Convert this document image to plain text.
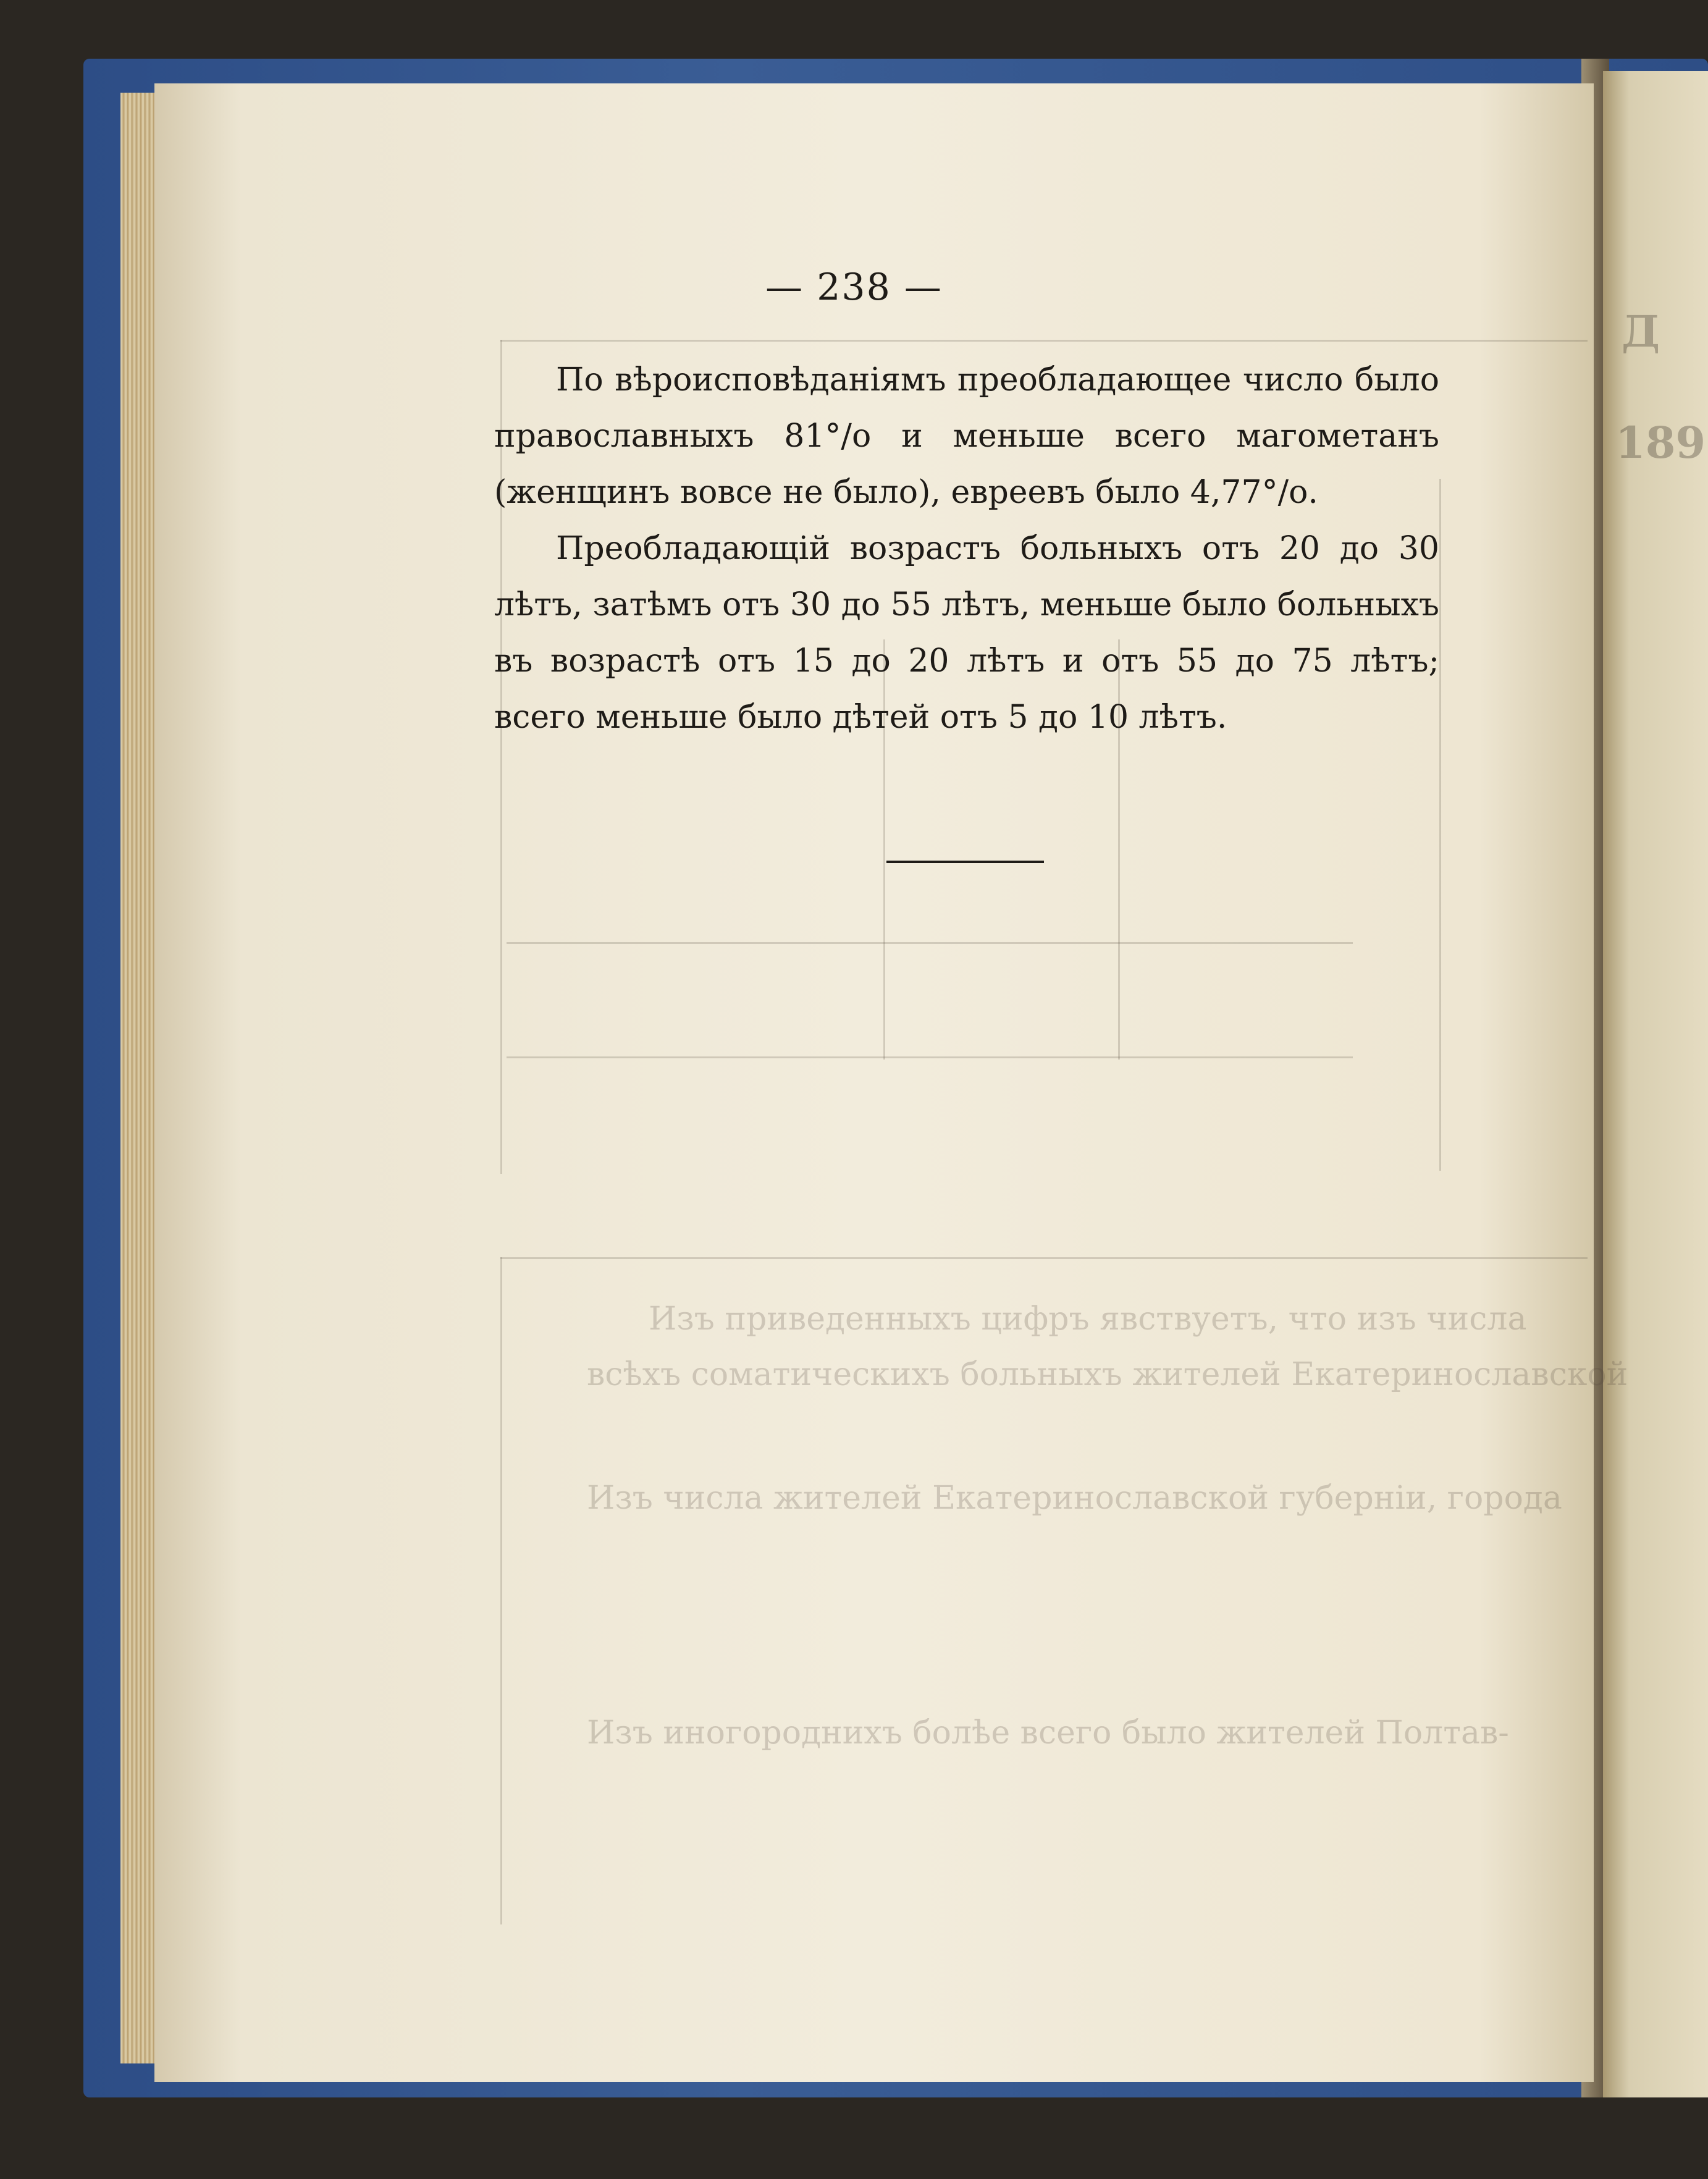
Д
189
Изъ приведенныхъ цифръ явствуетъ, что изъ числа
всѣхъ соматическихъ больныхъ жителей Екатеринославской
Изъ числа жителей Екатеринославской губерніи, города
Изъ иногороднихъ болѣе всего было жителей Полтав-
— 238 —

По вѣроисповѣданіямъ преобладающее число было православныхъ 81°/о и меньше всего магометанъ (женщинъ вовсе не было), евреевъ было 4,77°/о.

Преобладающій возрастъ больныхъ отъ 20 до 30 лѣтъ, затѣмъ отъ 30 до 55 лѣтъ, меньше было больныхъ въ возрастѣ отъ 15 до 20 лѣтъ и отъ 55 до 75 лѣтъ; всего меньше было дѣтей отъ 5 до 10 лѣтъ.
